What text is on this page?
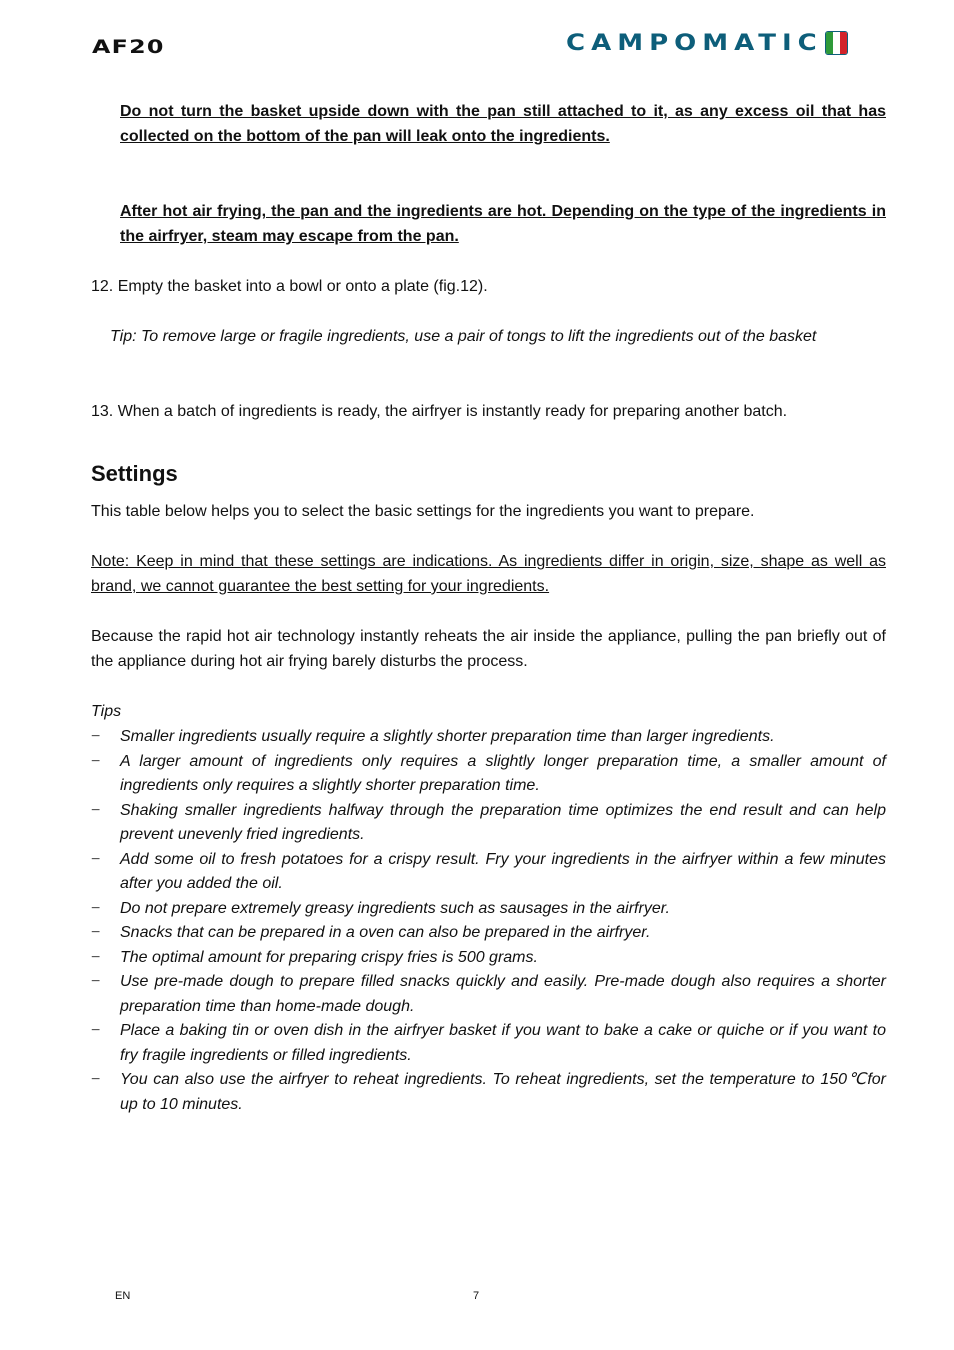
AF20	CAMPOMATIC
Do not turn the basket upside down with the pan still attached to it, as any excess oil that has collected on the bottom of the pan will leak onto the ingredients.
After hot air frying, the pan and the ingredients are hot. Depending on the type of the ingredients in the airfryer, steam may escape from the pan.
12. Empty the basket into a bowl or onto a plate (fig.12).
Tip: To remove large or fragile ingredients, use a pair of tongs to lift the ingredients out of the basket
13. When a batch of ingredients is ready, the airfryer is instantly ready for preparing another batch.
Settings
This table below helps you to select the basic settings for the ingredients you want to prepare.
Note: Keep in mind that these settings are indications. As ingredients differ in origin, size, shape as well as brand, we cannot guarantee the best setting for your ingredients.
Because the rapid hot air technology instantly reheats the air inside the appliance, pulling the pan briefly out of the appliance during hot air frying barely disturbs the process.
Tips
− Smaller ingredients usually require a slightly shorter preparation time than larger ingredients.
− A larger amount of ingredients only requires a slightly longer preparation time, a smaller amount of ingredients only requires a slightly shorter preparation time.
− Shaking smaller ingredients halfway through the preparation time optimizes the end result and can help prevent unevenly fried ingredients.
− Add some oil to fresh potatoes for a crispy result. Fry your ingredients in the airfryer within a few minutes after you added the oil.
− Do not prepare extremely greasy ingredients such as sausages in the airfryer.
− Snacks that can be prepared in a oven can also be prepared in the airfryer.
− The optimal amount for preparing crispy fries is 500 grams.
− Use pre-made dough to prepare filled snacks quickly and easily. Pre-made dough also requires a shorter preparation time than home-made dough.
− Place a baking tin or oven dish in the airfryer basket if you want to bake a cake or quiche or if you want to fry fragile ingredients or filled ingredients.
− You can also use the airfryer to reheat ingredients. To reheat ingredients, set the temperature to 150℃for up to 10 minutes.
EN	7
